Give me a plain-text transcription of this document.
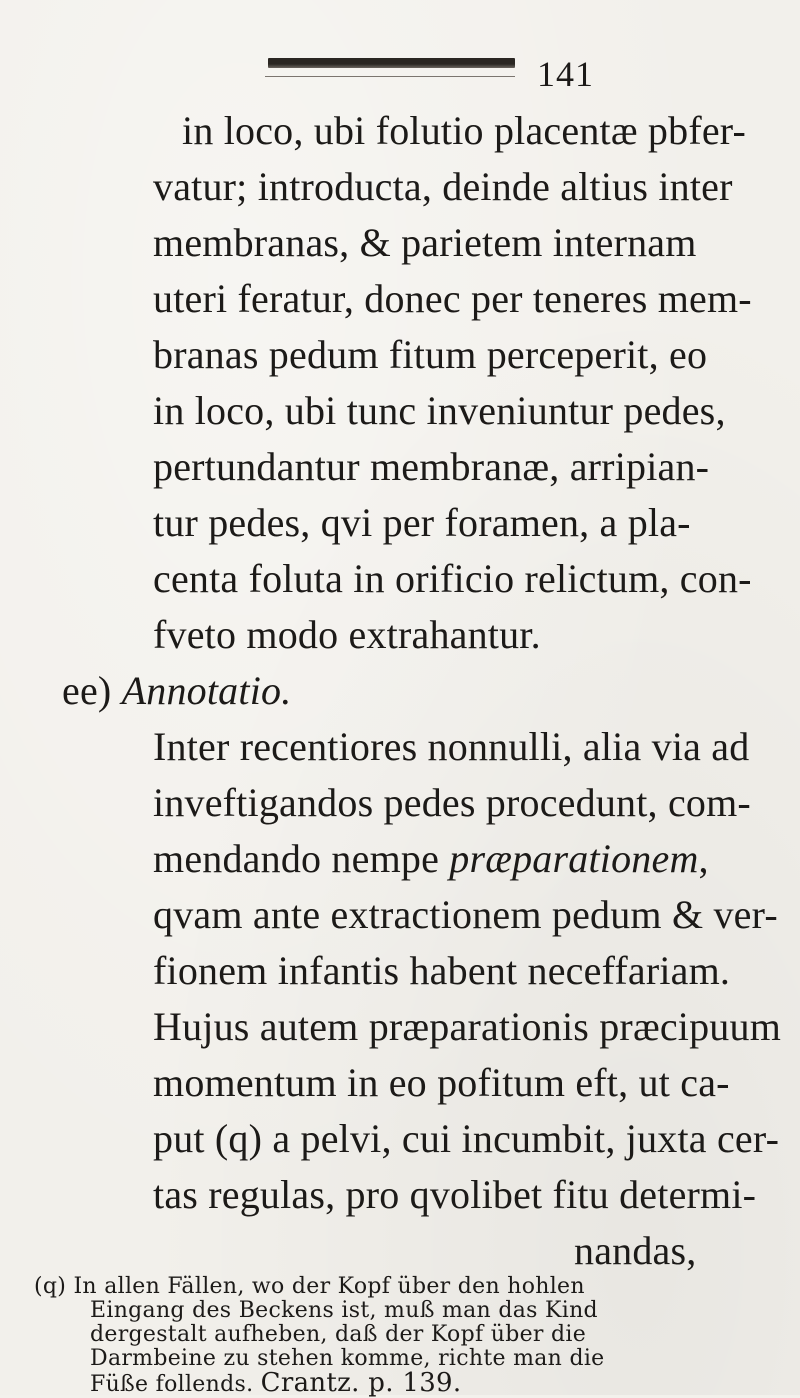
141
in loco, ubi folutio placentæ pbfer-
vatur; introducta, deinde altius inter
membranas, & parietem internam
uteri feratur, donec per teneres mem-
branas pedum fitum perceperit, eo
in loco, ubi tunc inveniuntur pedes,
pertundantur membranæ, arripian-
tur pedes, qvi per foramen, a pla-
centa foluta in orificio relictum, con-
fveto modo extrahantur.
ee) Annotatio.
Inter recentiores nonnulli, alia via ad
inveftigandos pedes procedunt, com-
mendando nempe præparationem,
qvam ante extractionem pedum & ver-
fionem infantis habent neceffariam.
Hujus autem præparationis præcipuum
momentum in eo pofitum eft, ut ca-
put (q) a pelvi, cui incumbit, juxta cer-
tas regulas, pro qvolibet fitu determi-
nandas,
(q) In allen Fällen, wo der Kopf über den hohlen
Eingang des Beckens ist, muß man das Kind
dergestalt aufheben, daß der Kopf über die
Darmbeine zu stehen komme, richte man die
Füße follends. Crantz. p. 139.
